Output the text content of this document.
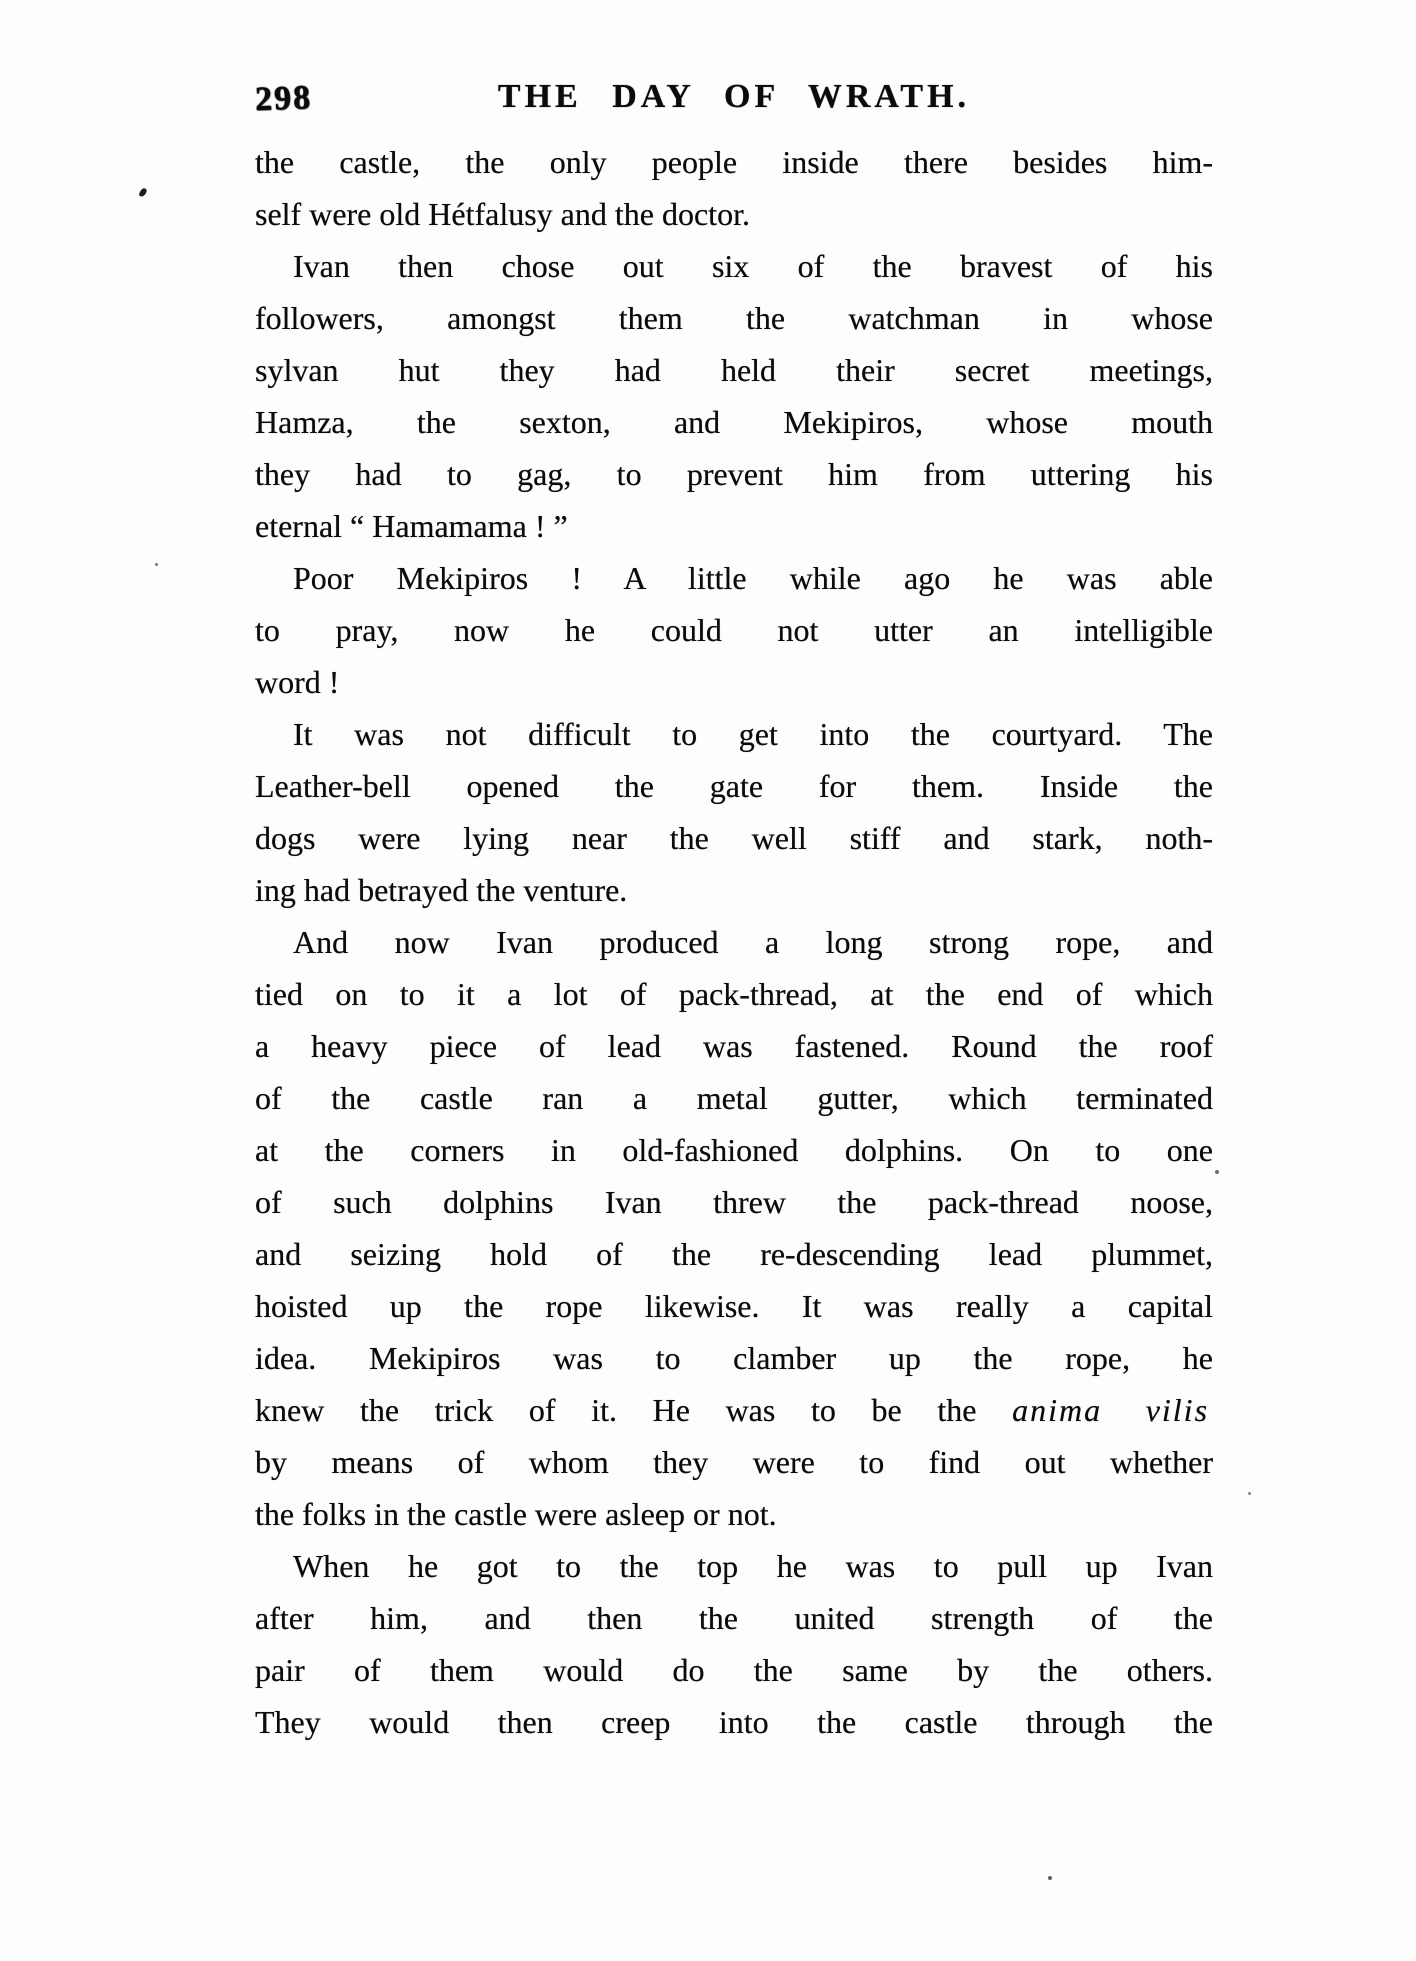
298	THE DAY OF WRATH.
the castle, the only people inside there besides him-
self were old Hétfalusy and the doctor.
Ivan then chose out six of the bravest of his
followers, amongst them the watchman in whose
sylvan hut they had held their secret meetings,
Hamza, the sexton, and Mekipiros, whose mouth
they had to gag, to prevent him from uttering his
eternal “ Hamamama ! ”
Poor Mekipiros ! A little while ago he was able
to pray, now he could not utter an intelligible
word !
It was not difficult to get into the courtyard. The
Leather-bell opened the gate for them. Inside the
dogs were lying near the well stiff and stark, noth-
ing had betrayed the venture.
And now Ivan produced a long strong rope, and
tied on to it a lot of pack-thread, at the end of which
a heavy piece of lead was fastened. Round the roof
of the castle ran a metal gutter, which terminated
at the corners in old-fashioned dolphins. On to one
of such dolphins Ivan threw the pack-thread noose,
and seizing hold of the re-descending lead plummet,
hoisted up the rope likewise. It was really a capital
idea. Mekipiros was to clamber up the rope, he
knew the trick of it. He was to be the anima vilis
by means of whom they were to find out whether
the folks in the castle were asleep or not.
When he got to the top he was to pull up Ivan
after him, and then the united strength of the
pair of them would do the same by the others.
They would then creep into the castle through the
